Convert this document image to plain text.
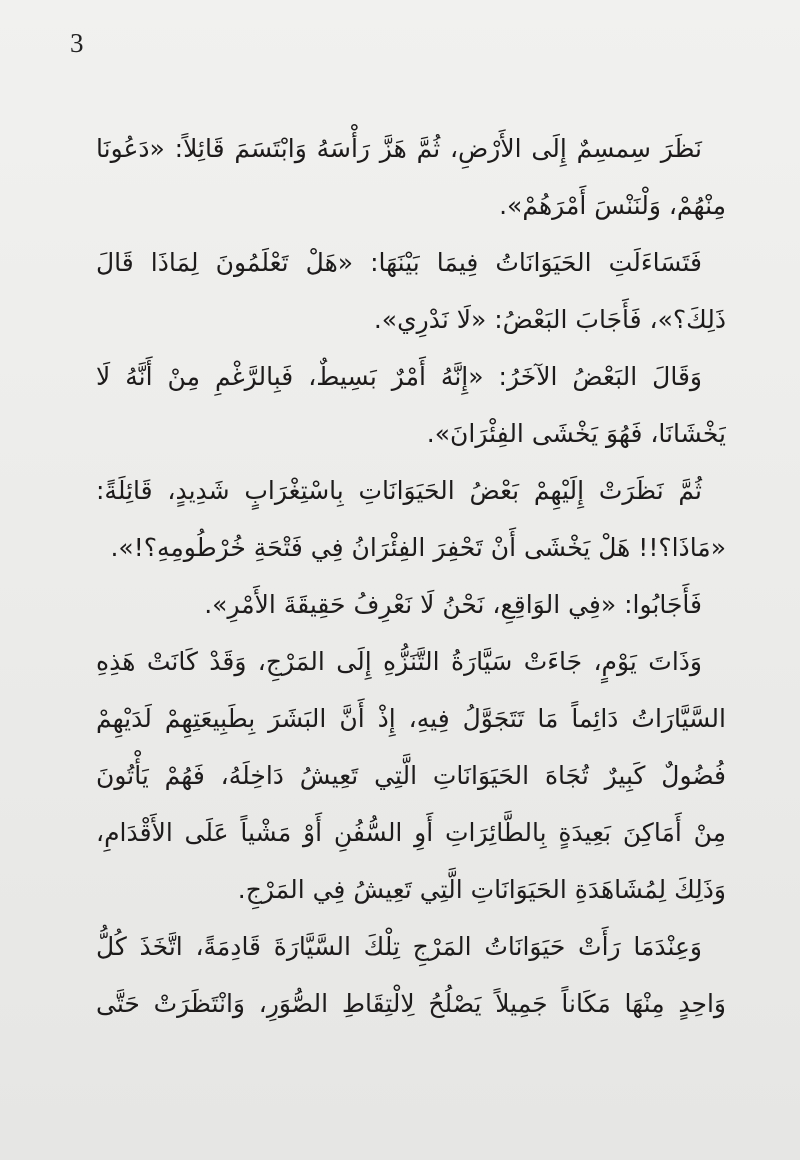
3
نَظَرَ سِمسِمٌ إِلَى الأَرْضِ، ثُمَّ هَزَّ رَأْسَهُ وَابْتَسَمَ قَائِلاً: «دَعُونَا
مِنْهُمْ، وَلْنَنْسَ أَمْرَهُمْ».
فَتَسَاءَلَتِ الحَيَوَانَاتُ فِيمَا بَيْنَهَا: «هَلْ تَعْلَمُونَ لِمَاذَا قَالَ
ذَلِكَ؟»، فَأَجَابَ البَعْضُ: «لَا نَدْرِي».
وَقَالَ البَعْضُ الآخَرُ: «إِنَّهُ أَمْرٌ بَسِيطٌ، فَبِالرَّغْمِ مِنْ أَنَّهُ لَا
يَخْشَانَا، فَهُوَ يَخْشَى الفِئْرَانَ».
ثُمَّ نَظَرَتْ إِلَيْهِمْ بَعْضُ الحَيَوَانَاتِ بِاسْتِغْرَابٍ شَدِيدٍ، قَائِلَةً:
«مَاذَا؟!! هَلْ يَخْشَى أَنْ تَحْفِرَ الفِئْرَانُ فِي فَتْحَةِ خُرْطُومِهِ؟!».
فَأَجَابُوا: «فِي الوَاقِعِ، نَحْنُ لَا نَعْرِفُ حَقِيقَةَ الأَمْرِ».
وَذَاتَ يَوْمٍ، جَاءَتْ سَيَّارَةُ التَّنَزُّهِ إِلَى المَرْجِ، وَقَدْ كَانَتْ هَذِهِ
السَّيَّارَاتُ دَائِماً مَا تَتَجَوَّلُ فِيهِ، إِذْ أَنَّ البَشَرَ بِطَبِيعَتِهِمْ لَدَيْهِمْ
فُضُولٌ كَبِيرٌ تُجَاهَ الحَيَوَانَاتِ الَّتِي تَعِيشُ دَاخِلَهُ، فَهُمْ يَأْتُونَ
مِنْ أَمَاكِنَ بَعِيدَةٍ بِالطَّائِرَاتِ أَوِ السُّفُنِ أَوْ مَشْياً عَلَى الأَقْدَامِ،
وَذَلِكَ لِمُشَاهَدَةِ الحَيَوَانَاتِ الَّتِي تَعِيشُ فِي المَرْجِ.
وَعِنْدَمَا رَأَتْ حَيَوَانَاتُ المَرْجِ تِلْكَ السَّيَّارَةَ قَادِمَةً، اتَّخَذَ كُلُّ
وَاحِدٍ مِنْهَا مَكَاناً جَمِيلاً يَصْلُحُ لِالْتِقَاطِ الصُّوَرِ، وَانْتَظَرَتْ حَتَّى
